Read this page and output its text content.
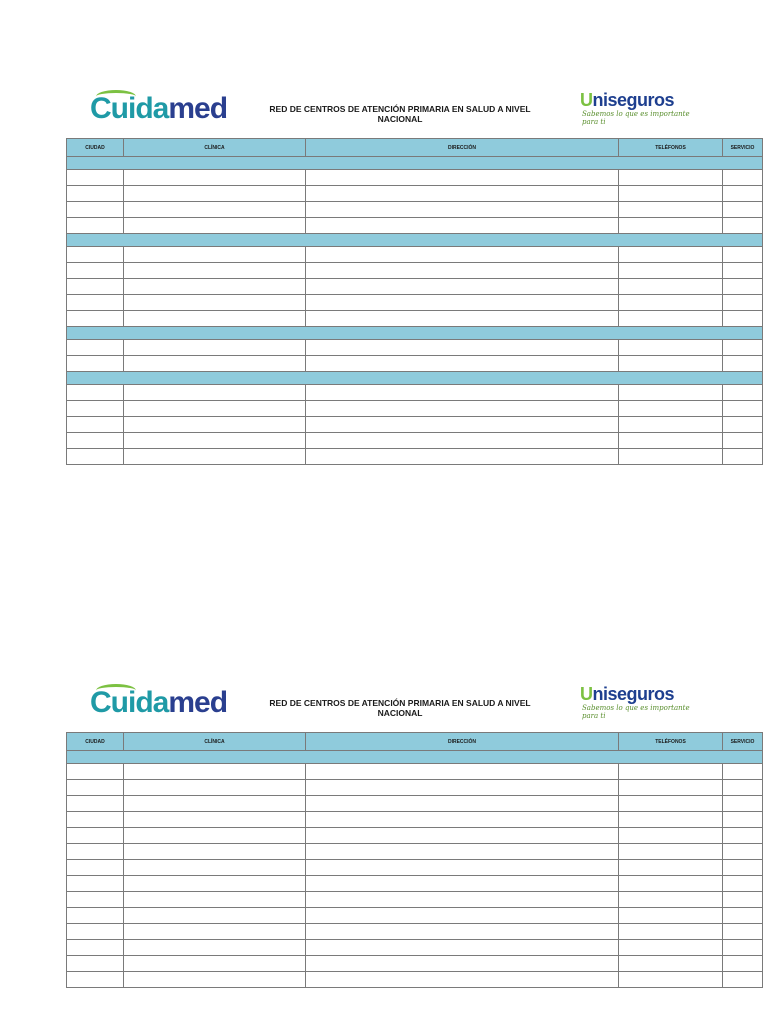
Cuidamed	RED DE CENTROS DE ATENCIÓN PRIMARIA EN SALUD A NIVEL NACIONAL
Uniseguros
Sabemos lo que es importante para ti
CIUDAD	CLÍNICA	DIRECCIÓN	TELÉFONOS	SERVICIO

Cuidamed	RED DE CENTROS DE ATENCIÓN PRIMARIA EN SALUD A NIVEL NACIONAL
Uniseguros
Sabemos lo que es importante para ti
CIUDAD	CLÍNICA	DIRECCIÓN	TELÉFONOS	SERVICIO
